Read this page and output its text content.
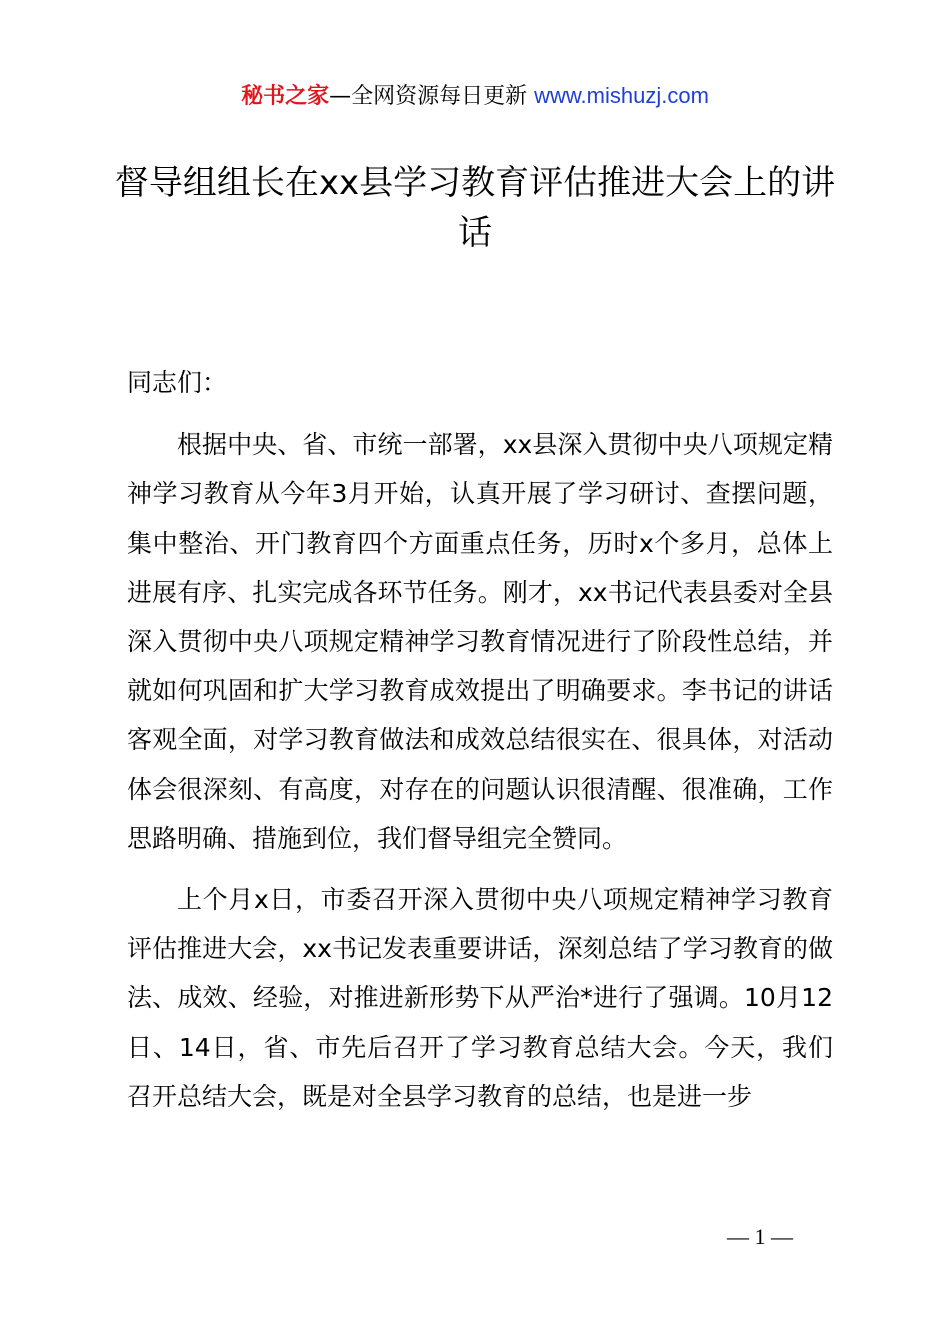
秘书之家—全网资源每日更新 www.mishuzj.com
督导组组长在xx县学习教育评估推进大会上的讲话

同志们：

根据中央、省、市统一部署，xx县深入贯彻中央八项规定精神学习教育从今年3月开始，认真开展了学习研讨、查摆问题，集中整治、开门教育四个方面重点任务，历时x个多月，总体上进展有序、扎实完成各环节任务。刚才，xx书记代表县委对全县深入贯彻中央八项规定精神学习教育情况进行了阶段性总结，并就如何巩固和扩大学习教育成效提出了明确要求。李书记的讲话客观全面，对学习教育做法和成效总结很实在、很具体，对活动体会很深刻、有高度，对存在的问题认识很清醒、很准确，工作思路明确、措施到位，我们督导组完全赞同。

上个月x日，市委召开深入贯彻中央八项规定精神学习教育评估推进大会，xx书记发表重要讲话，深刻总结了学习教育的做法、成效、经验，对推进新形势下从严治*进行了强调。10月12日、14日，省、市先后召开了学习教育总结大会。今天，我们召开总结大会，既是对全县学习教育的总结，也是进一步

— 1 —
